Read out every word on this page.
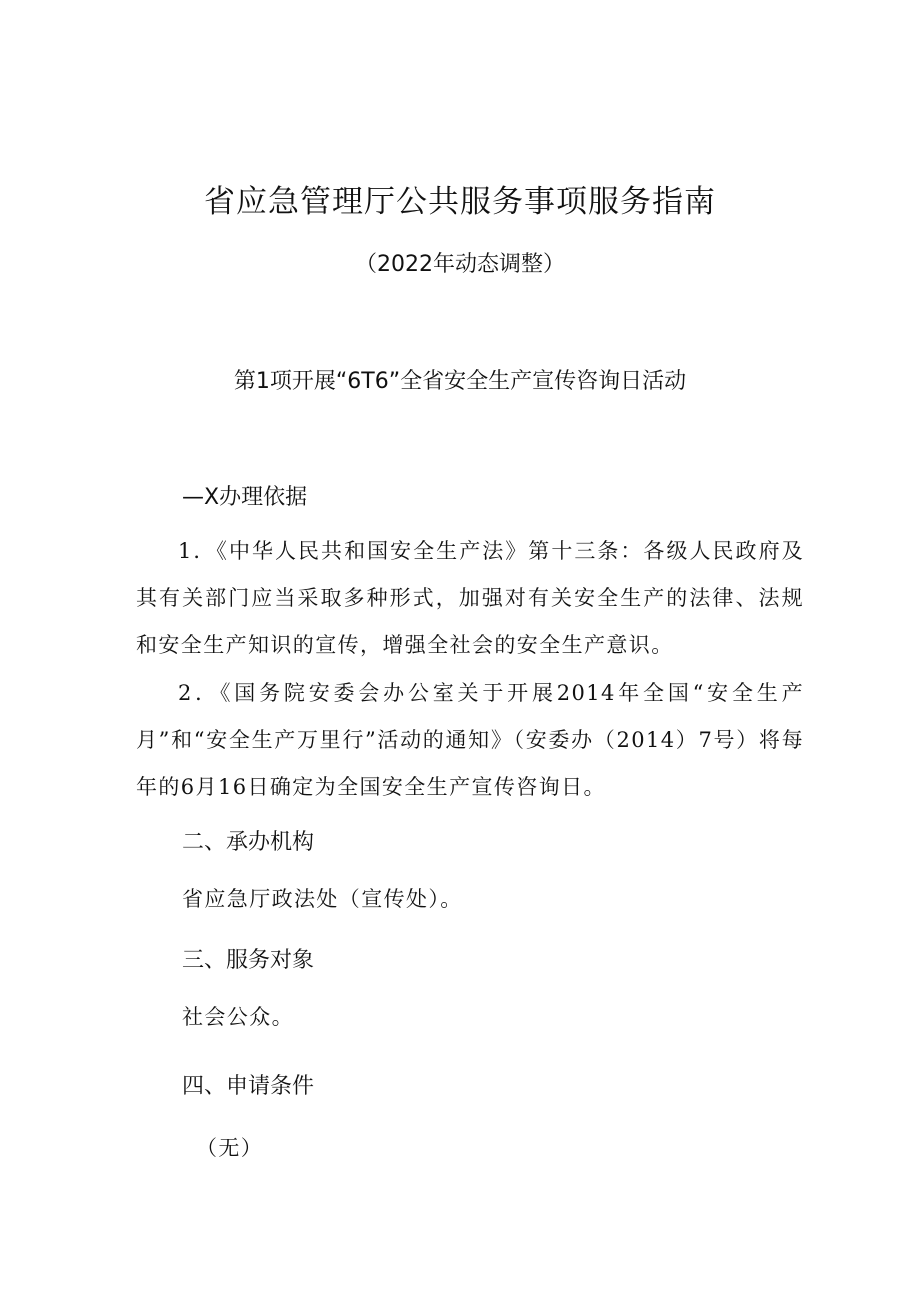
省应急管理厅公共服务事项服务指南
（2022年动态调整）
第1项开展“6T6”全省安全生产宣传咨询日活动
—X办理依据
1．《中华人民共和国安全生产法》第十三条：各级人民政府及其有关部门应当采取多种形式，加强对有关安全生产的法律、法规和安全生产知识的宣传，增强全社会的安全生产意识。
2．《国务院安委会办公室关于开展2014年全国“安全生产月”和“安全生产万里行”活动的通知》（安委办（2014）7号）将每年的6月16日确定为全国安全生产宣传咨询日。
二、承办机构
省应急厅政法处（宣传处）。
三、服务对象
社会公众。
四、申请条件
（无）
